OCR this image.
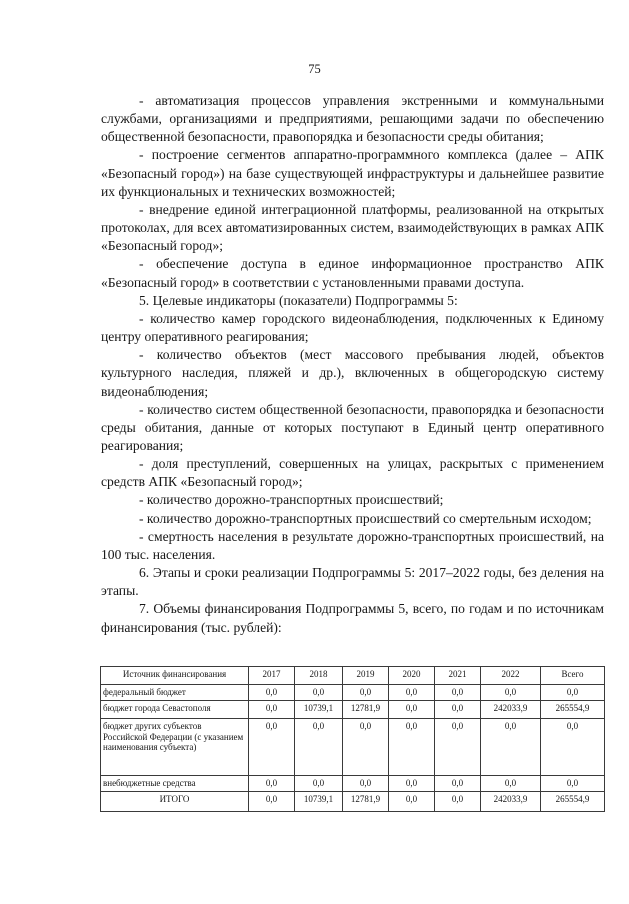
75

- автоматизация процессов управления экстренными и коммунальными службами, организациями и предприятиями, решающими задачи по обеспечению общественной безопасности, правопорядка и безопасности среды обитания;

- построение сегментов аппаратно-программного комплекса (далее – АПК «Безопасный город») на базе существующей инфраструктуры и дальнейшее развитие их функциональных и технических возможностей;

- внедрение единой интеграционной платформы, реализованной на открытых протоколах, для всех автоматизированных систем, взаимодействующих в рамках АПК «Безопасный город»;

- обеспечение доступа в единое информационное пространство АПК «Безопасный город» в соответствии с установленными правами доступа.

5. Целевые индикаторы (показатели) Подпрограммы 5:

- количество камер городского видеонаблюдения, подключенных к Единому центру оперативного реагирования;

- количество объектов (мест массового пребывания людей, объектов культурного наследия, пляжей и др.), включенных в общегородскую систему видеонаблюдения;

- количество систем общественной безопасности, правопорядка и безопасности среды обитания, данные от которых поступают в Единый центр оперативного реагирования;

- доля преступлений, совершенных на улицах, раскрытых с применением средств АПК «Безопасный город»;

- количество дорожно-транспортных происшествий;

- количество дорожно-транспортных происшествий со смертельным исходом;

- смертность населения в результате дорожно-транспортных происшествий, на 100 тыс. населения.

6. Этапы и сроки реализации Подпрограммы 5: 2017–2022 годы, без деления на этапы.

7. Объемы финансирования Подпрограммы 5, всего, по годам и по источникам финансирования (тыс. рублей):

Источник финансирования	2017	2018	2019	2020	2021	2022	Всего
федеральный бюджет	0,0	0,0	0,0	0,0	0,0	0,0	0,0
бюджет города Севастополя	0,0	10739,1	12781,9	0,0	0,0	242033,9	265554,9
бюджет других субъектов Российской Федерации (с указанием наименования субъекта)	0,0	0,0	0,0	0,0	0,0	0,0	0,0
внебюджетные средства	0,0	0,0	0,0	0,0	0,0	0,0	0,0
ИТОГО	0,0	10739,1	12781,9	0,0	0,0	242033,9	265554,9
